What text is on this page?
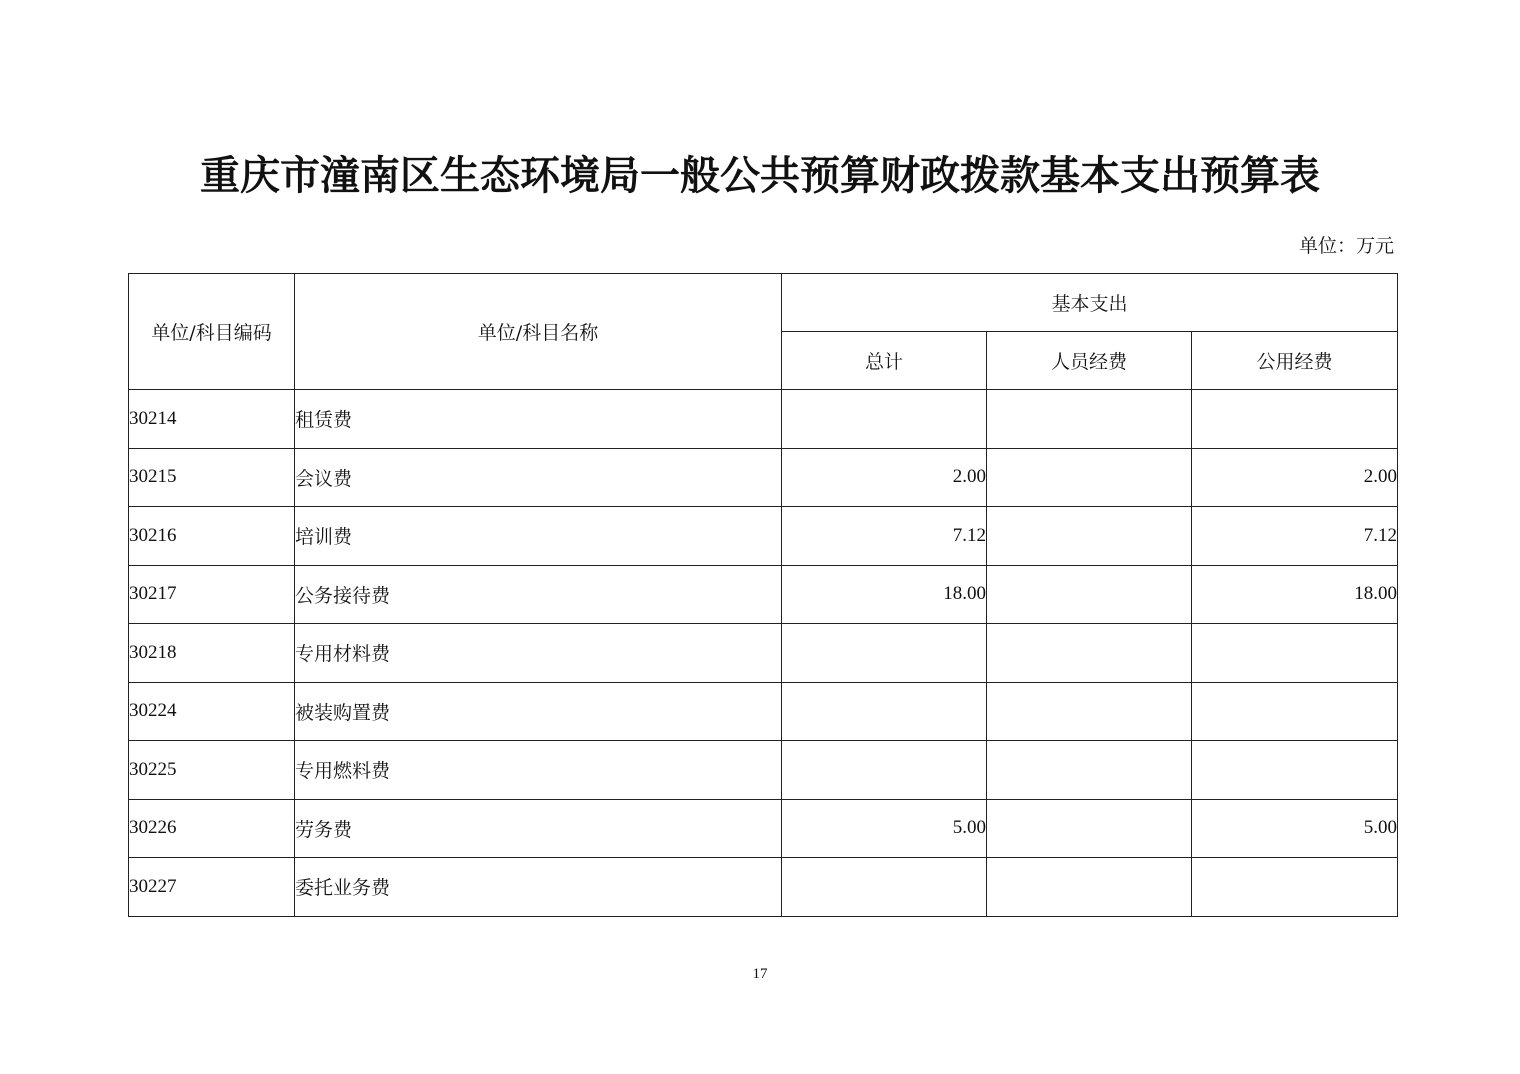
重庆市潼南区生态环境局一般公共预算财政拨款基本支出预算表
单位：万元
单位/科目编码	单位/科目名称	基本支出		
		总计	人员经费	公用经费
30214	租赁费			
30215	会议费	2.00		2.00
30216	培训费	7.12		7.12
30217	公务接待费	18.00		18.00
30218	专用材料费			
30224	被装购置费			
30225	专用燃料费			
30226	劳务费	5.00		5.00
30227	委托业务费			
17
